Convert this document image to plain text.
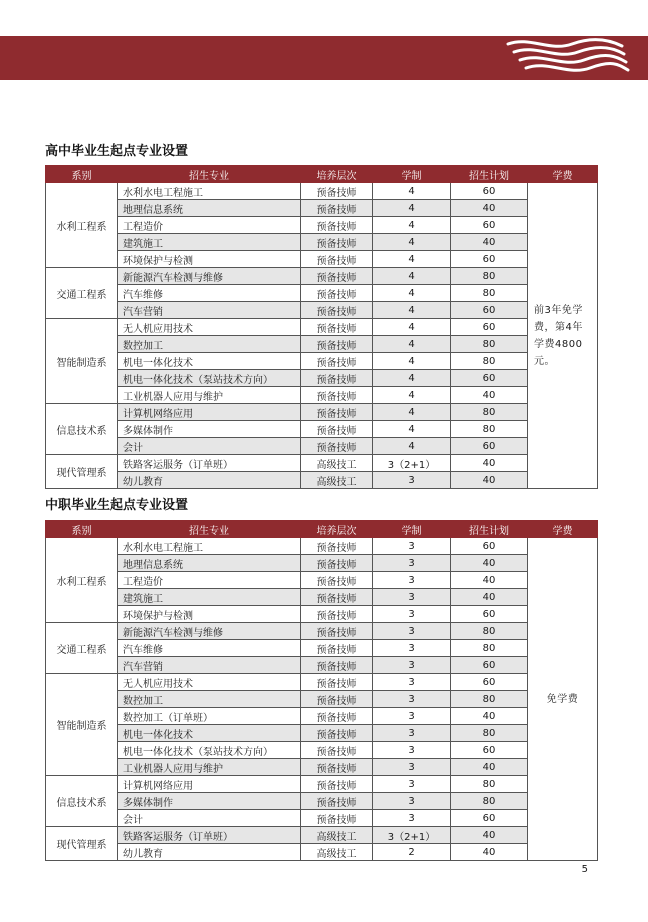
高中毕业生起点专业设置
系别	招生专业	培养层次	学制	招生计划	学费
水利工程系	水利水电工程施工	预备技师	4	60	前3年免学费，第4年学费4800元。
	地理信息系统	预备技师	4	40	
	工程造价	预备技师	4	60	
	建筑施工	预备技师	4	40	
	环境保护与检测	预备技师	4	60	
交通工程系	新能源汽车检测与维修	预备技师	4	80	
	汽车维修	预备技师	4	80	
	汽车营销	预备技师	4	60	
智能制造系	无人机应用技术	预备技师	4	60	
	数控加工	预备技师	4	80	
	机电一体化技术	预备技师	4	80	
	机电一体化技术（泵站技术方向）	预备技师	4	60	
	工业机器人应用与维护	预备技师	4	40	
信息技术系	计算机网络应用	预备技师	4	80	
	多媒体制作	预备技师	4	80	
	会计	预备技师	4	60	
现代管理系	铁路客运服务（订单班）	高级技工	3（2+1）	40	
	幼儿教育	高级技工	3	40	
中职毕业生起点专业设置
系别	招生专业	培养层次	学制	招生计划	学费
水利工程系	水利水电工程施工	预备技师	3	60	免学费
	地理信息系统	预备技师	3	40	
	工程造价	预备技师	3	40	
	建筑施工	预备技师	3	40	
	环境保护与检测	预备技师	3	60	
交通工程系	新能源汽车检测与维修	预备技师	3	80	
	汽车维修	预备技师	3	80	
	汽车营销	预备技师	3	60	
智能制造系	无人机应用技术	预备技师	3	60	
	数控加工	预备技师	3	80	
	数控加工（订单班）	预备技师	3	40	
	机电一体化技术	预备技师	3	80	
	机电一体化技术（泵站技术方向）	预备技师	3	60	
	工业机器人应用与维护	预备技师	3	40	
信息技术系	计算机网络应用	预备技师	3	80	
	多媒体制作	预备技师	3	80	
	会计	预备技师	3	60	
现代管理系	铁路客运服务（订单班）	高级技工	3（2+1）	40	
	幼儿教育	高级技工	2	40	
5
